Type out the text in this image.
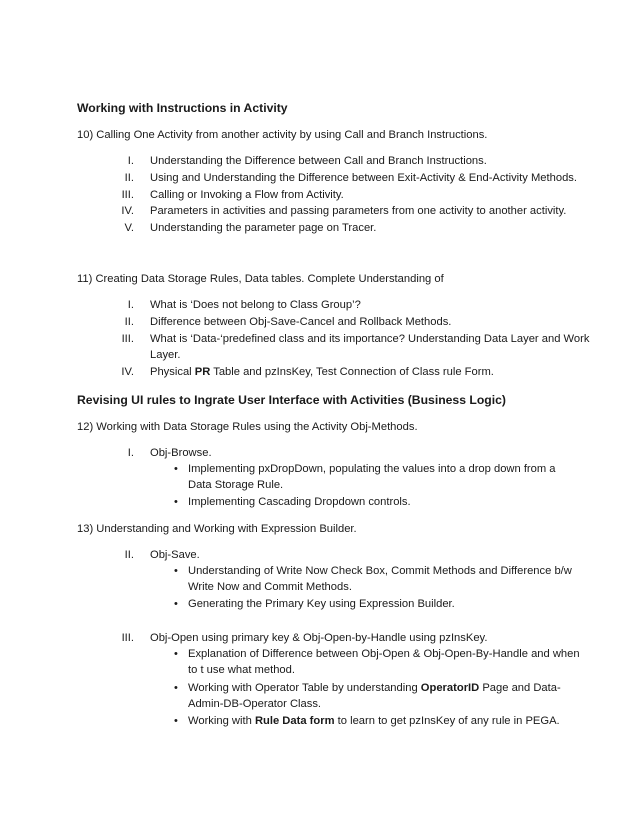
Working with Instructions in Activity
10) Calling One Activity from another activity by using Call and Branch Instructions.
I. Understanding the Difference between Call and Branch Instructions.
II. Using and Understanding the Difference between Exit-Activity & End-Activity Methods.
III. Calling or Invoking a Flow from Activity.
IV. Parameters in activities and passing parameters from one activity to another activity.
V. Understanding the parameter page on Tracer.
11) Creating Data Storage Rules, Data tables. Complete Understanding of
I. What is ‘Does not belong to Class Group’?
II. Difference between Obj-Save-Cancel and Rollback Methods.
III. What is ‘Data-‘predefined class and its importance? Understanding Data Layer and Work
Layer.
IV. Physical PR Table and pzInsKey, Test Connection of Class rule Form.
Revising UI rules to Ingrate User Interface with Activities (Business Logic)
12) Working with Data Storage Rules using the Activity Obj-Methods.
I. Obj-Browse.
• Implementing pxDropDown, populating the values into a drop down from a
Data Storage Rule.
• Implementing Cascading Dropdown controls.
13) Understanding and Working with Expression Builder.
II. Obj-Save.
• Understanding of Write Now Check Box, Commit Methods and Difference b/w
Write Now and Commit Methods.
• Generating the Primary Key using Expression Builder.
III. Obj-Open using primary key & Obj-Open-by-Handle using pzInsKey.
• Explanation of Difference between Obj-Open & Obj-Open-By-Handle and when
to t use what method.
• Working with Operator Table by understanding OperatorID Page and Data-
Admin-DB-Operator Class.
• Working with Rule Data form to learn to get pzInsKey of any rule in PEGA.
